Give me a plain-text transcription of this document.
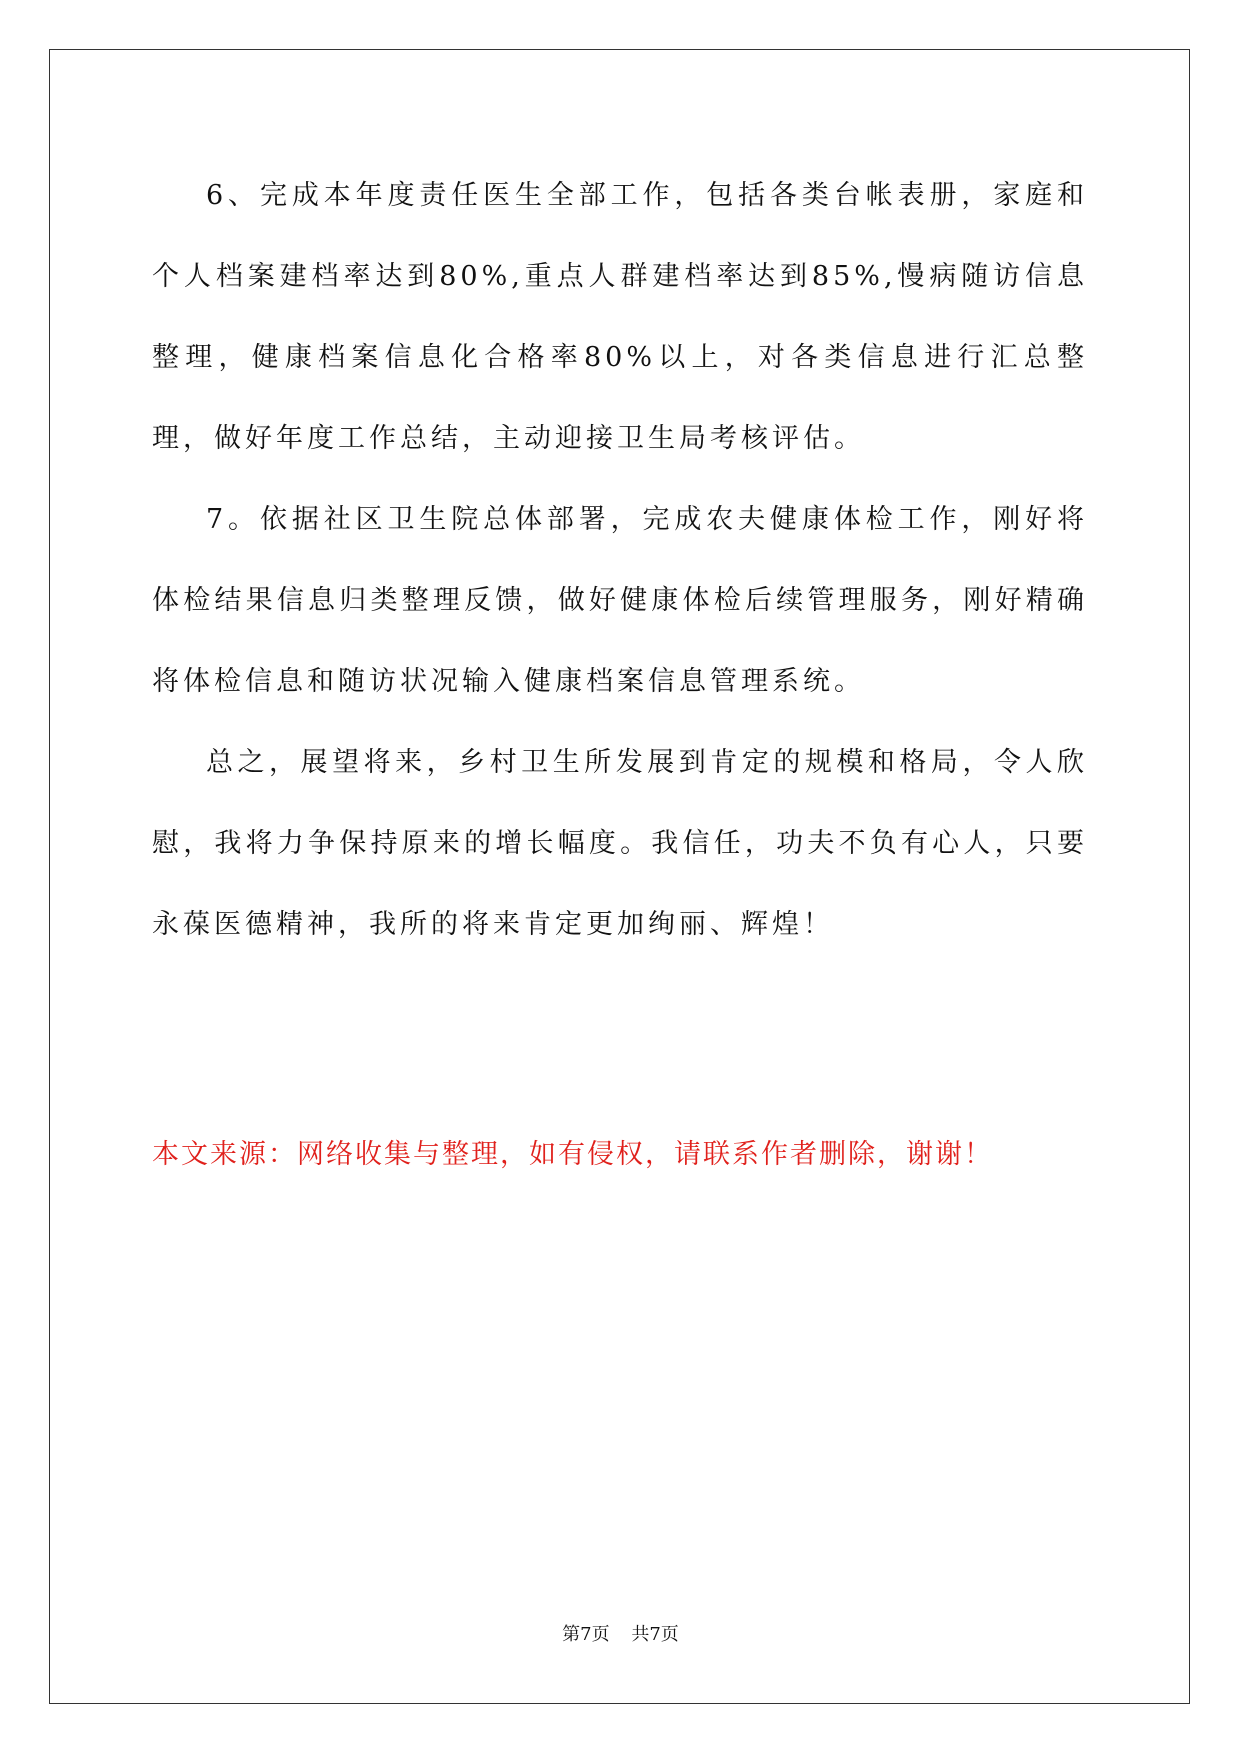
6、完成本年度责任医生全部工作，包括各类台帐表册，家庭和个人档案建档率达到80%,重点人群建档率达到85%,慢病随访信息整理，健康档案信息化合格率80%以上，对各类信息进行汇总整理，做好年度工作总结，主动迎接卫生局考核评估。

7。依据社区卫生院总体部署，完成农夫健康体检工作，刚好将体检结果信息归类整理反馈，做好健康体检后续管理服务，刚好精确将体检信息和随访状况输入健康档案信息管理系统。

总之，展望将来，乡村卫生所发展到肯定的规模和格局，令人欣慰，我将力争保持原来的增长幅度。我信任，功夫不负有心人，只要永葆医德精神，我所的将来肯定更加绚丽、辉煌！

本文来源：网络收集与整理，如有侵权，请联系作者删除，谢谢！

第7页 共7页
